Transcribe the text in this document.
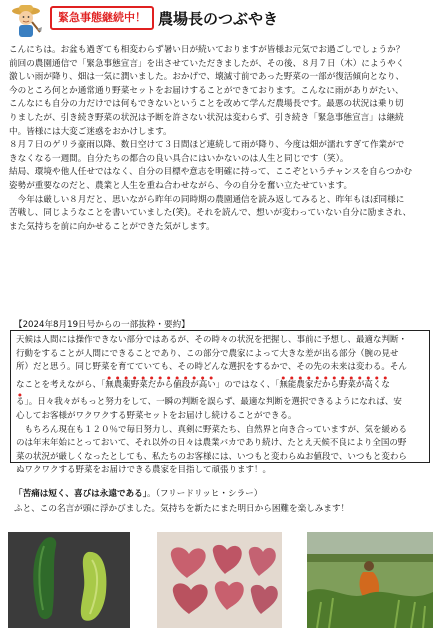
緊急事態継続中！ 農場長のつぶやき

こんにちは。お盆も過ぎても相変わらず暑い日が続いておりますが皆様お元気でお過ごしでしょうか？

前回の農園通信で「緊急事態宣言」を出させていただきましたが、その後、８月７日（木）にようやく

激しい雨が降り、畑は一気に潤いました。おかげで、壊滅寸前であった野菜の一部が復活傾向となり、

今のところ何とか通常通り野菜セットをお届けすることができております。こんなに雨がありがたい、

こんなにも自分の力だけでは何もできないということを改めて学んだ農場長です。最悪の状況は乗り切

りましたが、引き続き野菜の状況は予断を許さない状況は変わらず、引き続き「緊急事態宣言」は継続

中。皆様には大変ご迷惑をおかけします。

８月７日のゲリラ豪雨以降、数日空けて３日間ほど連続して雨が降り、今度は畑が濡れすぎて作業がで

きなくなる一週間。自分たちの都合の良い具合にはいかないのは人生と同じです（笑）。

結局、環境や他人任せではなく、自分の目標や意志を明確に持って、ここぞというチャンスを自らつかむ

姿勢が重要なのだと、農業と人生を重ね合わせながら、今の自分を奮い立たせています。

　今年は厳しい８月だと、思いながら昨年の同時期の農園通信を読み返してみると、昨年もほぼ同様に

苦戦し、同じようなことを書いていました(笑)。それを読んで、想いが変わっていない自分に励まされ、

また気持ちを前に向かせることができた気がします。

【2024年8月19日号からの一部抜粋・要約】

天候は人間には操作できない部分ではあるが、その時々の状況を把握し、事前に予想し、最適な判断・

行動をすることが人間にできることであり、この部分で農家によって大きな差が出る部分（腕の見せ

所）だと思う。同じ野菜を育てていても、その時どんな選択をするかで、その先の未来は変わる。そん

なことを考えながら、「無農薬野菜だから値段が高い」のではなく、「無能農家だから野菜が高くな

る」。日々我々がもっと努力をして、一瞬の判断を誤らず、最適な判断を選択できるようになれば、安

心してお客様がワクワクする野菜セットをお届けし続けることができる。

　もちろん現在も１２０％で毎日努力し、真剣に野菜たち、自然界と向き合っていますが、気を緩める

のは年末年始にとっておいて、それ以外の日々は農業バカであり続け、たとえ天候不良により全国の野

菜の状況が厳しくなったとしても、私たちのお客様には、いつもと変わらぬお値段で、いつもと変わら

ぬワクワクする野菜をお届けできる農家を目指して頑張ります！。

「苦痛は短く、喜びは永遠である」。（フリードリッヒ・シラー）
ふと、この名言が頭に浮かびました。気持ちを新たにまた明日から困難を楽しみます！
